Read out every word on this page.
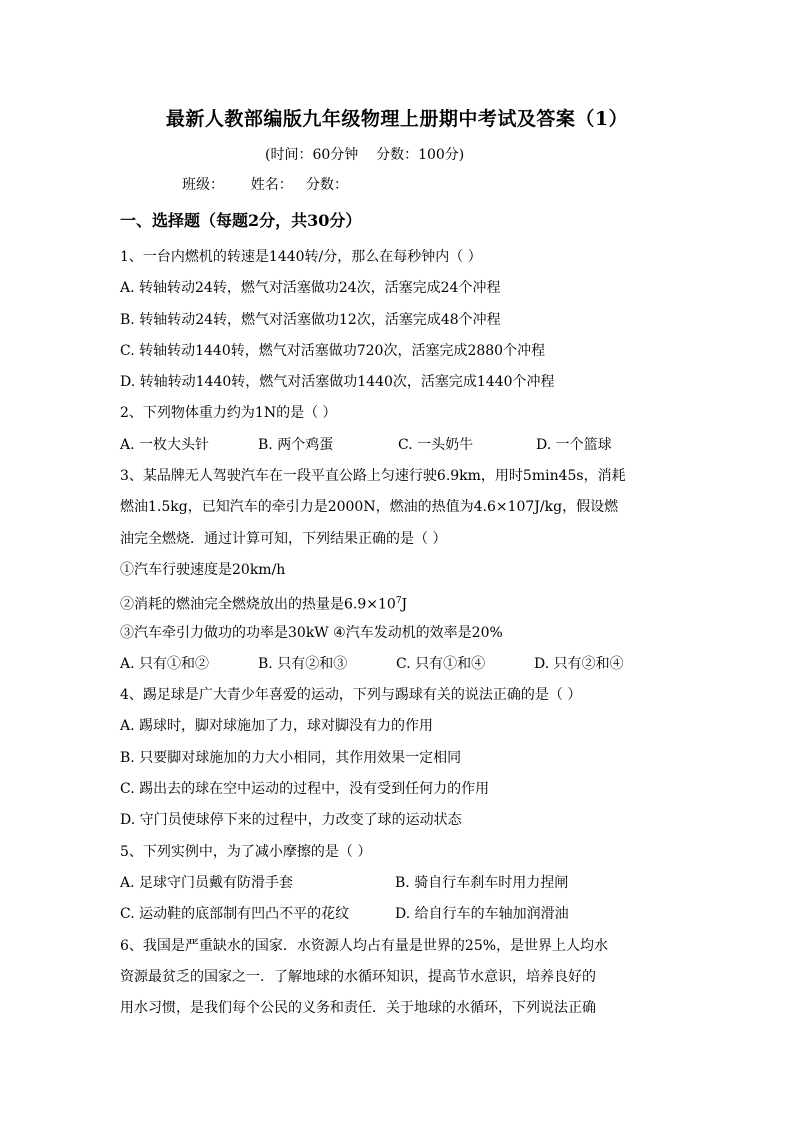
最新人教部编版九年级物理上册期中考试及答案（1）
(时间：60分钟    分数：100分)
班级：      姓名：   分数：
一、选择题（每题2分，共30分）
1、一台内燃机的转速是1440转/分，那么在每秒钟内（ ）
A. 转轴转动24转，燃气对活塞做功24次，活塞完成24个冲程
B. 转轴转动24转，燃气对活塞做功12次，活塞完成48个冲程
C. 转轴转动1440转，燃气对活塞做功720次，活塞完成2880个冲程
D. 转轴转动1440转，燃气对活塞做功1440次，活塞完成1440个冲程
2、下列物体重力约为1N的是（ ）
A. 一枚大头针	B. 两个鸡蛋	C. 一头奶牛	D. 一个篮球
3、某品牌无人驾驶汽车在一段平直公路上匀速行驶6.9km，用时5min45s，消耗
燃油1.5kg，已知汽车的牵引力是2000N，燃油的热值为4.6×107J/kg，假设燃
油完全燃烧．通过计算可知，下列结果正确的是（ ）
①汽车行驶速度是20km/h
②消耗的燃油完全燃烧放出的热量是$6.9\times 10^7J$
③汽车牵引力做功的功率是30kW ④汽车发动机的效率是20%
A. 只有①和②	B. 只有②和③	C. 只有①和④	D. 只有②和④
4、踢足球是广大青少年喜爱的运动，下列与踢球有关的说法正确的是（ ）
A. 踢球时，脚对球施加了力，球对脚没有力的作用
B. 只要脚对球施加的力大小相同，其作用效果一定相同
C. 踢出去的球在空中运动的过程中，没有受到任何力的作用
D. 守门员使球停下来的过程中，力改变了球的运动状态
5、下列实例中，为了减小摩擦的是（ ）
A. 足球守门员戴有防滑手套	B. 骑自行车刹车时用力捏闸
C. 运动鞋的底部制有凹凸不平的花纹	D. 给自行车的车轴加润滑油
6、我国是严重缺水的国家．水资源人均占有量是世界的25%，是世界上人均水
资源最贫乏的国家之一．了解地球的水循环知识，提高节水意识，培养良好的
用水习惯，是我们每个公民的义务和责任．关于地球的水循环，下列说法正确
